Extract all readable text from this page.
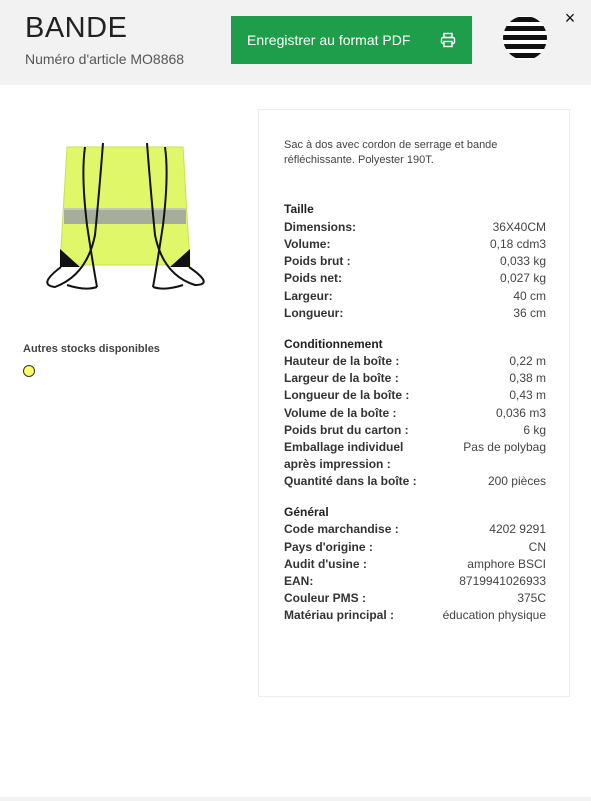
BANDE
Numéro d'article MO8868
Enregistrer au format PDF
×
Autres stocks disponibles
Sac à dos avec cordon de serrage et bande réfléchissante. Polyester 190T.
Taille
Dimensions:	36X40CM
Volume:	0,18 cdm3
Poids brut :	0,033 kg
Poids net:	0,027 kg
Largeur:	40 cm
Longueur:	36 cm
Conditionnement
Hauteur de la boîte :	0,22 m
Largeur de la boîte :	0,38 m
Longueur de la boîte :	0,43 m
Volume de la boîte :	0,036 m3
Poids brut du carton :	6 kg
Emballage individuel après impression :
Pas de polybag
Quantité dans la boîte :	200 pièces
Général
Code marchandise :	4202 9291
Pays d'origine :	CN
Audit d'usine :	amphore BSCI
EAN:	8719941026933
Couleur PMS :	375C
Matériau principal :	éducation physique
